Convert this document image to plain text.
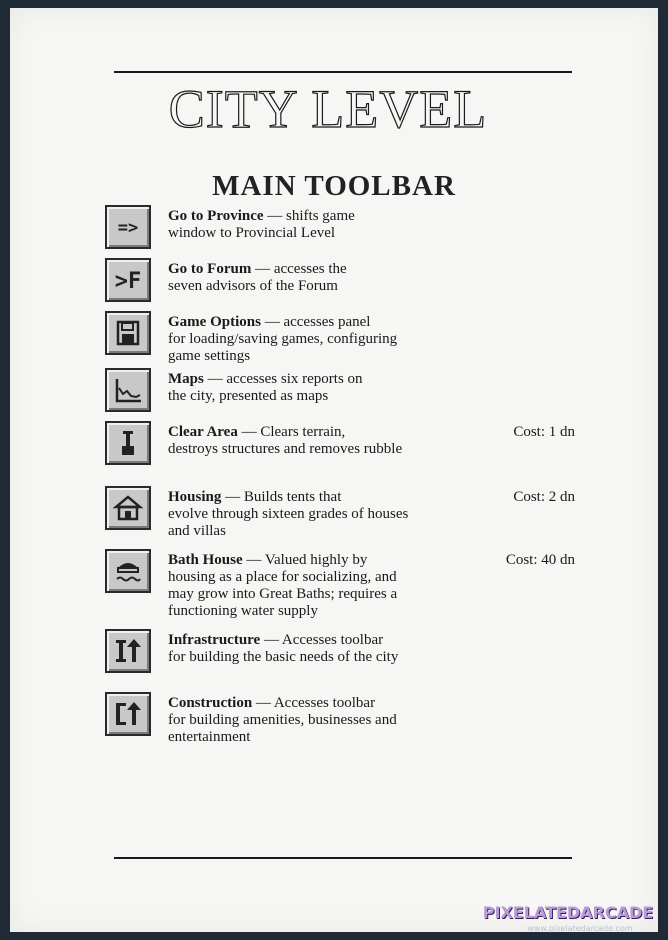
CITY LEVEL
MAIN TOOLBAR
=>
Go to Province — shifts game
window to Provincial Level
>F Go to Forum — accesses the
seven advisors of the Forum
Game Options — accesses panel
for loading/saving games, configuring game settings
Maps — accesses six reports on
the city, presented as maps
Clear Area — Clears terrain,
destroys structures and removes rubble
Cost: 1 dn
Housing — Builds tents that
evolve through sixteen grades of houses and villas
Cost: 2 dn
Bath House — Valued highly by
housing as a place for socializing, and may grow into Great Baths; requires a functioning water supply
Cost: 40 dn
Infrastructure — Accesses toolbar
for building the basic needs of the city
Construction — Accesses toolbar
for building amenities, businesses and entertainment
PIXELATEDARCADE
www.pixelatedarcade.com
